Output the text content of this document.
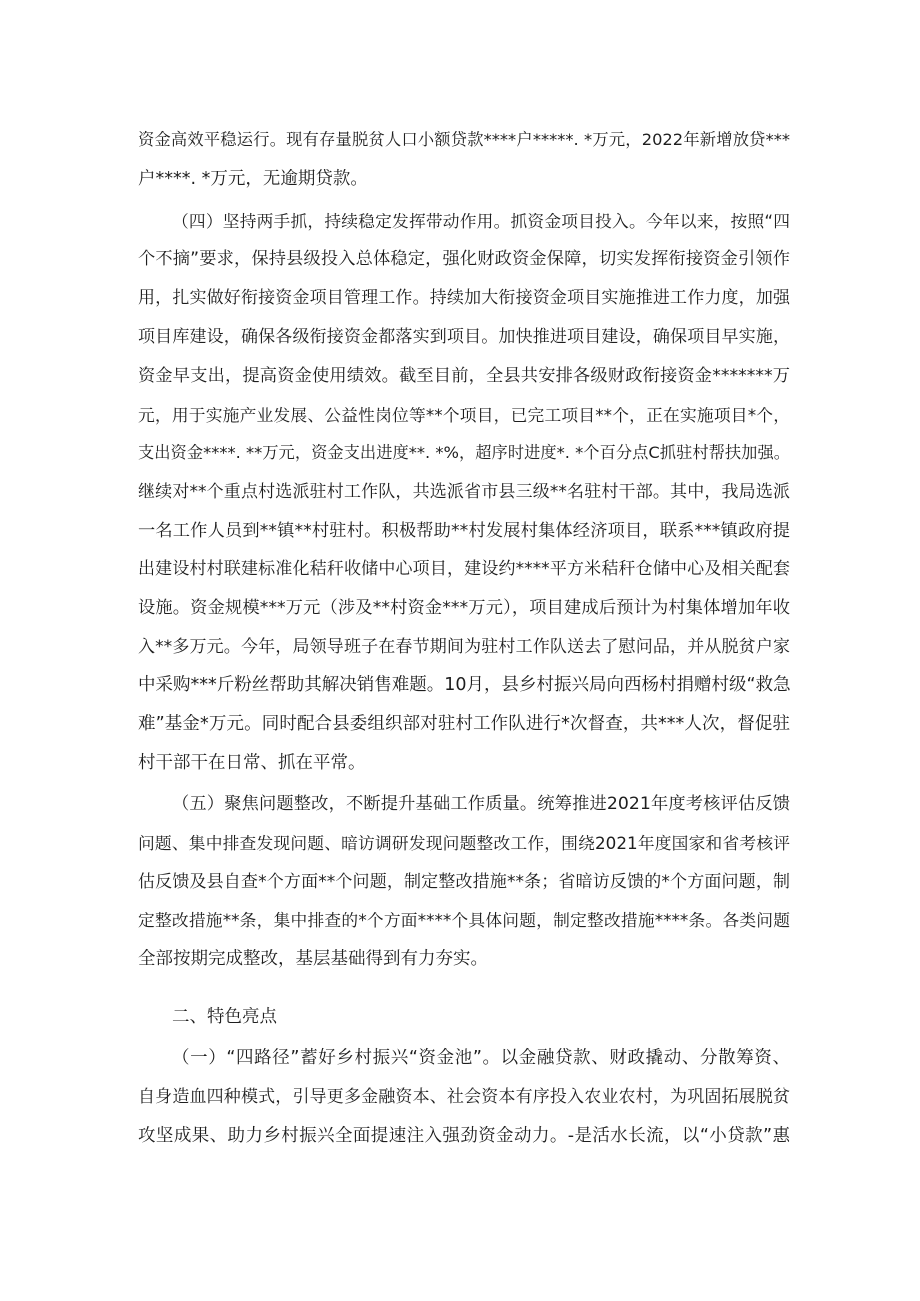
资金高效平稳运行。现有存量脱贫人口小额贷款****户*****. *万元，2022年新增放贷***
户****. *万元，无逾期贷款。
（四）坚持两手抓，持续稳定发挥带动作用。抓资金项目投入。今年以来，按照“四
个不摘”要求，保持县级投入总体稳定，强化财政资金保障，切实发挥衔接资金引领作
用，扎实做好衔接资金项目管理工作。持续加大衔接资金项目实施推进工作力度，加强
项目库建设，确保各级衔接资金都落实到项目。加快推进项目建设，确保项目早实施，
资金早支出，提高资金使用绩效。截至目前，全县共安排各级财政衔接资金*******万
元，用于实施产业发展、公益性岗位等**个项目，已完工项目**个，正在实施项目*个，
支出资金****. **万元，资金支出进度**. *%，超序时进度*. *个百分点C抓驻村帮扶加强。
继续对**个重点村选派驻村工作队，共选派省市县三级**名驻村干部。其中，我局选派
一名工作人员到**镇**村驻村。积极帮助**村发展村集体经济项目，联系***镇政府提
出建设村村联建标准化秸秆收储中心项目，建设约****平方米秸秆仓储中心及相关配套
设施。资金规模***万元（涉及**村资金***万元），项目建成后预计为村集体增加年收
入**多万元。今年，局领导班子在春节期间为驻村工作队送去了慰问品，并从脱贫户家
中采购***斤粉丝帮助其解决销售难题。10月，县乡村振兴局向西杨村捐赠村级“救急
难”基金*万元。同时配合县委组织部对驻村工作队进行*次督查，共***人次，督促驻
村干部干在日常、抓在平常。
（五）聚焦问题整改，不断提升基础工作质量。统筹推进2021年度考核评估反馈
问题、集中排查发现问题、暗访调研发现问题整改工作，围绕2021年度国家和省考核评
估反馈及县自查*个方面**个问题，制定整改措施**条；省暗访反馈的*个方面问题，制
定整改措施**条，集中排查的*个方面****个具体问题，制定整改措施****条。各类问题
全部按期完成整改，基层基础得到有力夯实。
二、特色亮点
（一）“四路径”蓄好乡村振兴“资金池”。以金融贷款、财政撬动、分散筹资、
自身造血四种模式，引导更多金融资本、社会资本有序投入农业农村，为巩固拓展脱贫
攻坚成果、助力乡村振兴全面提速注入强劲资金动力。-是活水长流，以“小贷款”惠
